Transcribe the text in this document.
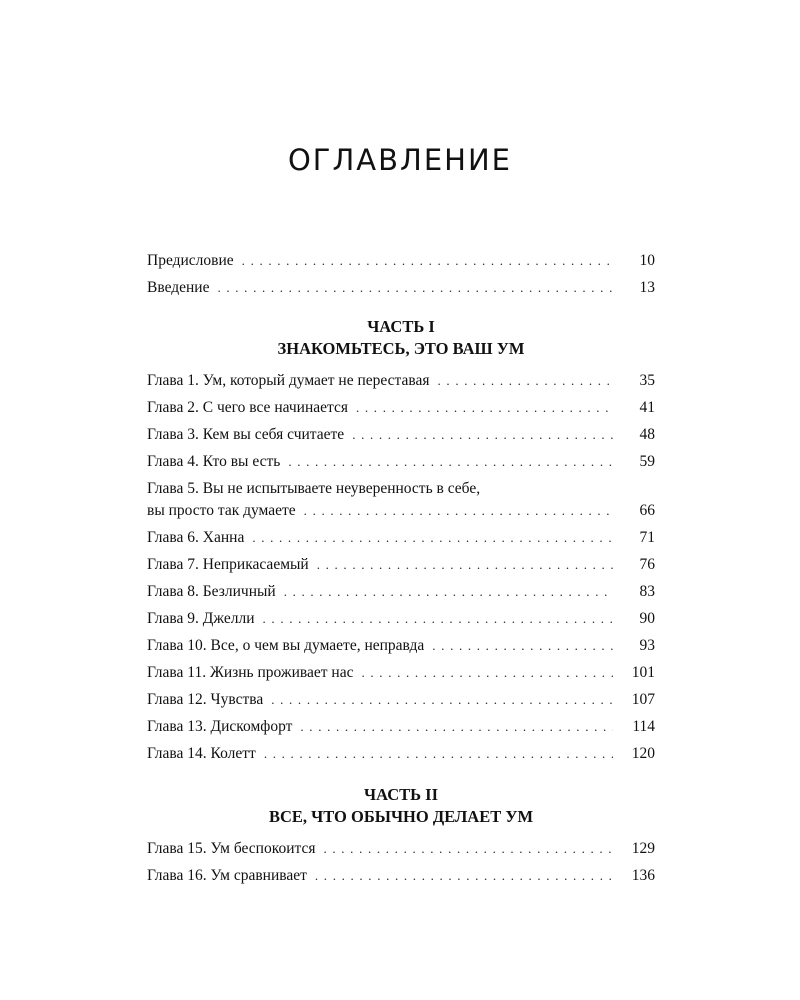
ОГЛАВЛЕНИЕ
Предисловие . . .	10
Введение . . .	13
ЧАСТЬ I
ЗНАКОМЬТЕСЬ, ЭТО ВАШ УМ
Глава 1. Ум, который думает не переставая . . .	35
Глава 2. С чего все начинается . . .	41
Глава 3. Кем вы себя считаете . . .	48
Глава 4. Кто вы есть . . .	59
Глава 5. Вы не испытываете неуверенность в себе,
вы просто так думаете . . .	66
Глава 6. Ханна . . .	71
Глава 7. Неприкасаемый . . .	76
Глава 8. Безличный . . .	83
Глава 9. Джелли . . .	90
Глава 10. Все, о чем вы думаете, неправда . . .	93
Глава 11. Жизнь проживает нас . . .	101
Глава 12. Чувства . . .	107
Глава 13. Дискомфорт . . .	114
Глава 14. Колетт . . .	120
ЧАСТЬ II
ВСЕ, ЧТО ОБЫЧНО ДЕЛАЕТ УМ
Глава 15. Ум беспокоится . . .	129
Глава 16. Ум сравнивает . . .	136
